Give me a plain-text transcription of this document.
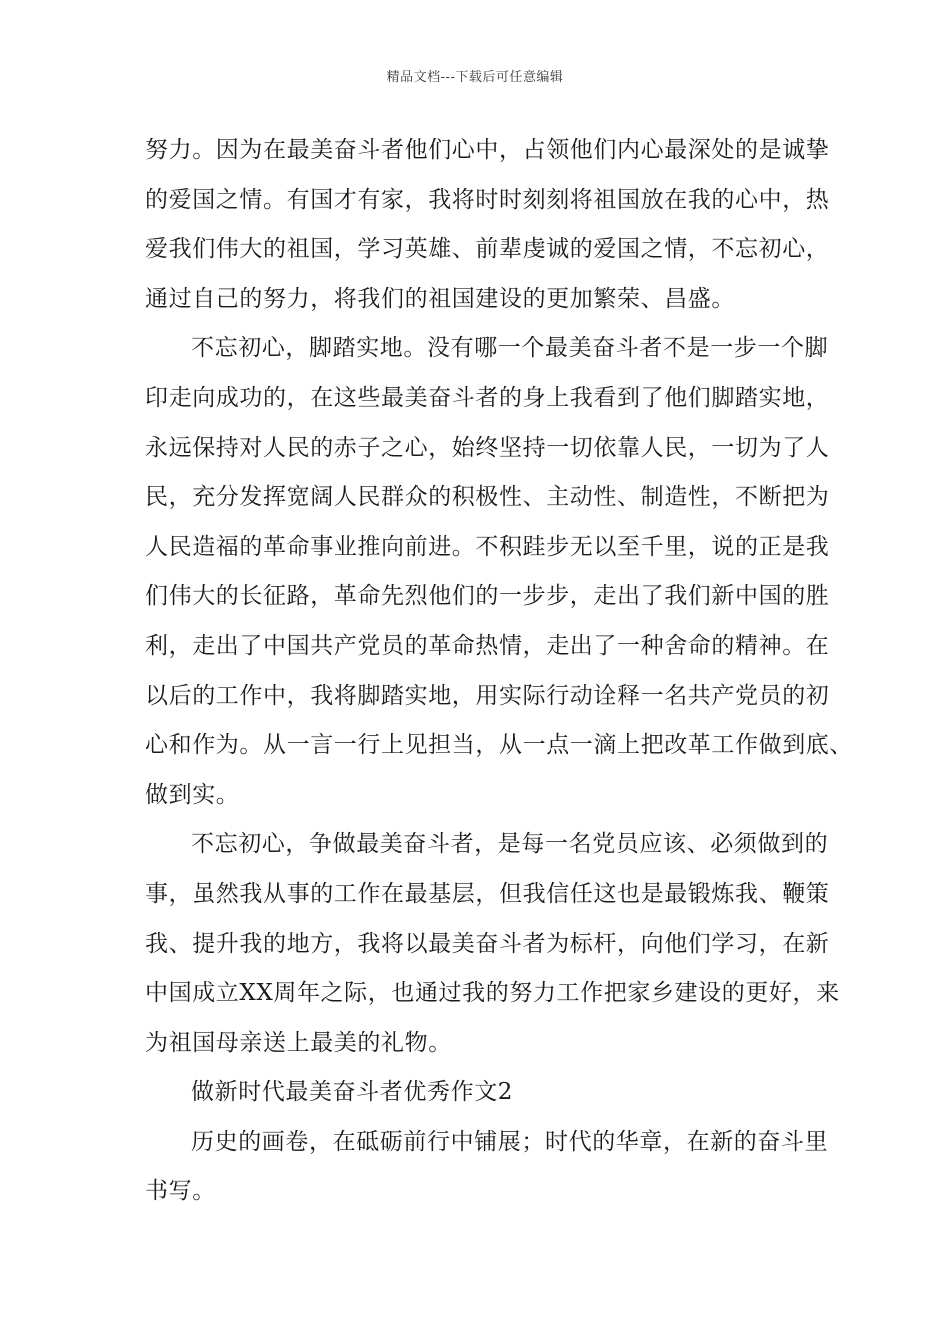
精品文档---下载后可任意编辑
努力。因为在最美奋斗者他们心中，占领他们内心最深处的是诚挚
的爱国之情。有国才有家，我将时时刻刻将祖国放在我的心中，热
爱我们伟大的祖国，学习英雄、前辈虔诚的爱国之情，不忘初心，
通过自己的努力，将我们的祖国建设的更加繁荣、昌盛。
不忘初心，脚踏实地。没有哪一个最美奋斗者不是一步一个脚
印走向成功的，在这些最美奋斗者的身上我看到了他们脚踏实地，
永远保持对人民的赤子之心，始终坚持一切依靠人民，一切为了人
民，充分发挥宽阔人民群众的积极性、主动性、制造性，不断把为
人民造福的革命事业推向前进。不积跬步无以至千里，说的正是我
们伟大的长征路，革命先烈他们的一步步，走出了我们新中国的胜
利，走出了中国共产党员的革命热情，走出了一种舍命的精神。在
以后的工作中，我将脚踏实地，用实际行动诠释一名共产党员的初
心和作为。从一言一行上见担当，从一点一滴上把改革工作做到底、
做到实。
不忘初心，争做最美奋斗者，是每一名党员应该、必须做到的
事，虽然我从事的工作在最基层，但我信任这也是最锻炼我、鞭策
我、提升我的地方，我将以最美奋斗者为标杆，向他们学习，在新
中国成立XX周年之际，也通过我的努力工作把家乡建设的更好，来
为祖国母亲送上最美的礼物。
做新时代最美奋斗者优秀作文2
历史的画卷，在砥砺前行中铺展；时代的华章，在新的奋斗里
书写。
